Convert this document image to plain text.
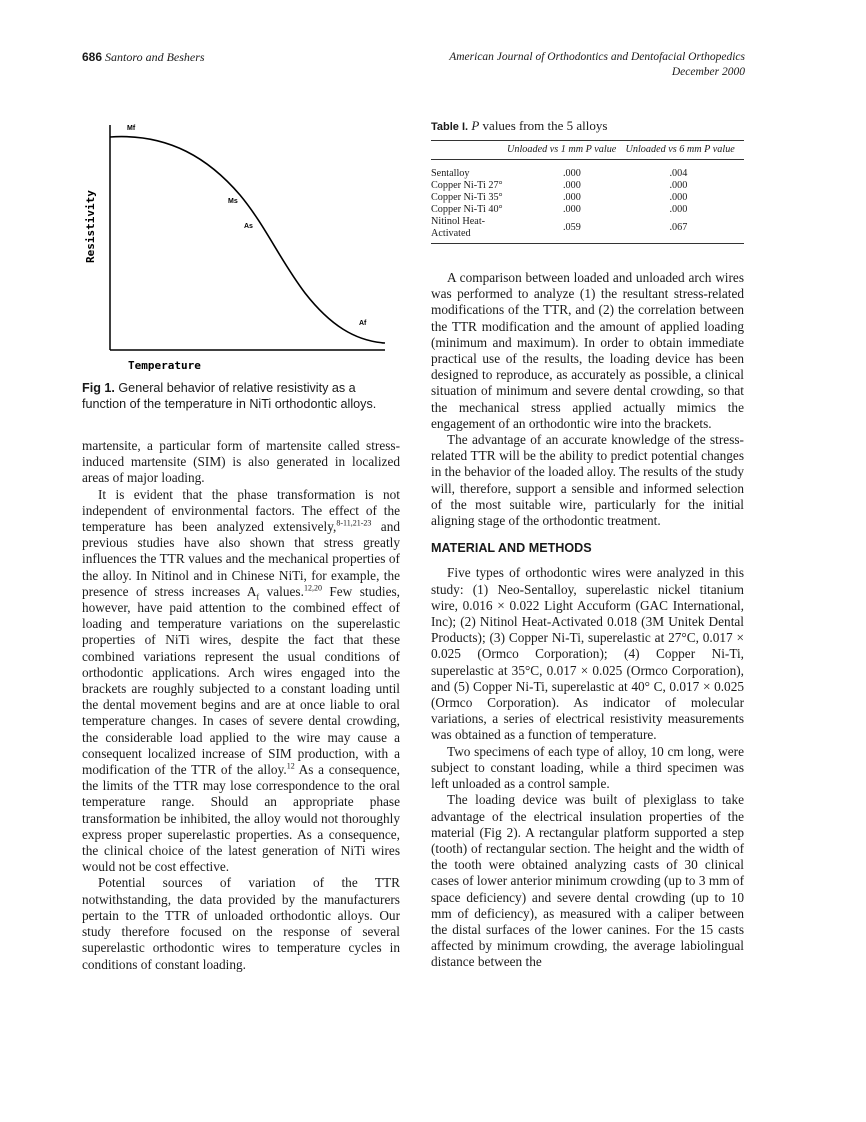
686 Santoro and Beshers	American Journal of Orthodontics and Dentofacial Orthopedics
December 2000
Resistivity
Temperature
Mf
Ms
As
Af
Fig 1. General behavior of relative resistivity as a function of the temperature in NiTi orthodontic alloys.
Table I. P values from the 5 alloys
	Unloaded vs 1 mm P value	Unloaded vs 6 mm P value
Sentalloy	.000	.004
Copper Ni-Ti 27°	.000	.000
Copper Ni-Ti 35°	.000	.000
Copper Ni-Ti 40°	.000	.000
Nitinol Heat-Activated	.059	.067

martensite, a particular form of martensite called stress-induced martensite (SIM) is also generated in localized areas of major loading.

It is evident that the phase transformation is not independent of environmental factors. The effect of the temperature has been analyzed extensively,$^{8-11,21-23}$ and previous studies have also shown that stress greatly influences the TTR values and the mechanical properties of the alloy. In Nitinol and in Chinese NiTi, for example, the presence of stress increases $A_f$ values.$^{12,20}$ Few studies, however, have paid attention to the combined effect of loading and temperature variations on the superelastic properties of NiTi wires, despite the fact that these combined variations represent the usual conditions of orthodontic applications. Arch wires engaged into the brackets are roughly subjected to a constant loading until the dental movement begins and are at once liable to oral temperature changes. In cases of severe dental crowding, the considerable load applied to the wire may cause a consequent localized increase of SIM production, with a modification of the TTR of the alloy.$^{12}$ As a consequence, the limits of the TTR may lose correspondence to the oral temperature range. Should an appropriate phase transformation be inhibited, the alloy would not thoroughly express proper superelastic properties. As a consequence, the clinical choice of the latest generation of NiTi wires would not be cost effective.

Potential sources of variation of the TTR notwithstanding, the data provided by the manufacturers pertain to the TTR of unloaded orthodontic alloys. Our study therefore focused on the response of several superelastic orthodontic wires to temperature cycles in conditions of constant loading.

A comparison between loaded and unloaded arch wires was performed to analyze (1) the resultant stress-related modifications of the TTR, and (2) the correlation between the TTR modification and the amount of applied loading (minimum and maximum). In order to obtain immediate practical use of the results, the loading device has been designed to reproduce, as accurately as possible, a clinical situation of minimum and severe dental crowding, so that the mechanical stress applied actually mimics the engagement of an orthodontic wire into the brackets.

The advantage of an accurate knowledge of the stress-related TTR will be the ability to predict potential changes in the behavior of the loaded alloy. The results of the study will, therefore, support a sensible and informed selection of the most suitable wire, particularly for the initial aligning stage of the orthodontic treatment.

MATERIAL AND METHODS

Five types of orthodontic wires were analyzed in this study: (1) Neo-Sentalloy, superelastic nickel titanium wire, 0.016 × 0.022 Light Accuform (GAC International, Inc); (2) Nitinol Heat-Activated 0.018 (3M Unitek Dental Products); (3) Copper Ni-Ti, superelastic at 27°C, 0.017 × 0.025 (Ormco Corporation); (4) Copper Ni-Ti, superelastic at 35°C, 0.017 × 0.025 (Ormco Corporation), and (5) Copper Ni-Ti, superelastic at 40° C, 0.017 × 0.025 (Ormco Corporation). As indicator of molecular variations, a series of electrical resistivity measurements was obtained as a function of temperature.

Two specimens of each type of alloy, 10 cm long, were subject to constant loading, while a third specimen was left unloaded as a control sample.

The loading device was built of plexiglass to take advantage of the electrical insulation properties of the material (Fig 2). A rectangular platform supported a step (tooth) of rectangular section. The height and the width of the tooth were obtained analyzing casts of 30 clinical cases of lower anterior minimum crowding (up to 3 mm of space deficiency) and severe dental crowding (up to 10 mm of deficiency), as measured with a caliper between the distal surfaces of the lower canines. For the 15 casts affected by minimum crowding, the average labiolingual distance between the
